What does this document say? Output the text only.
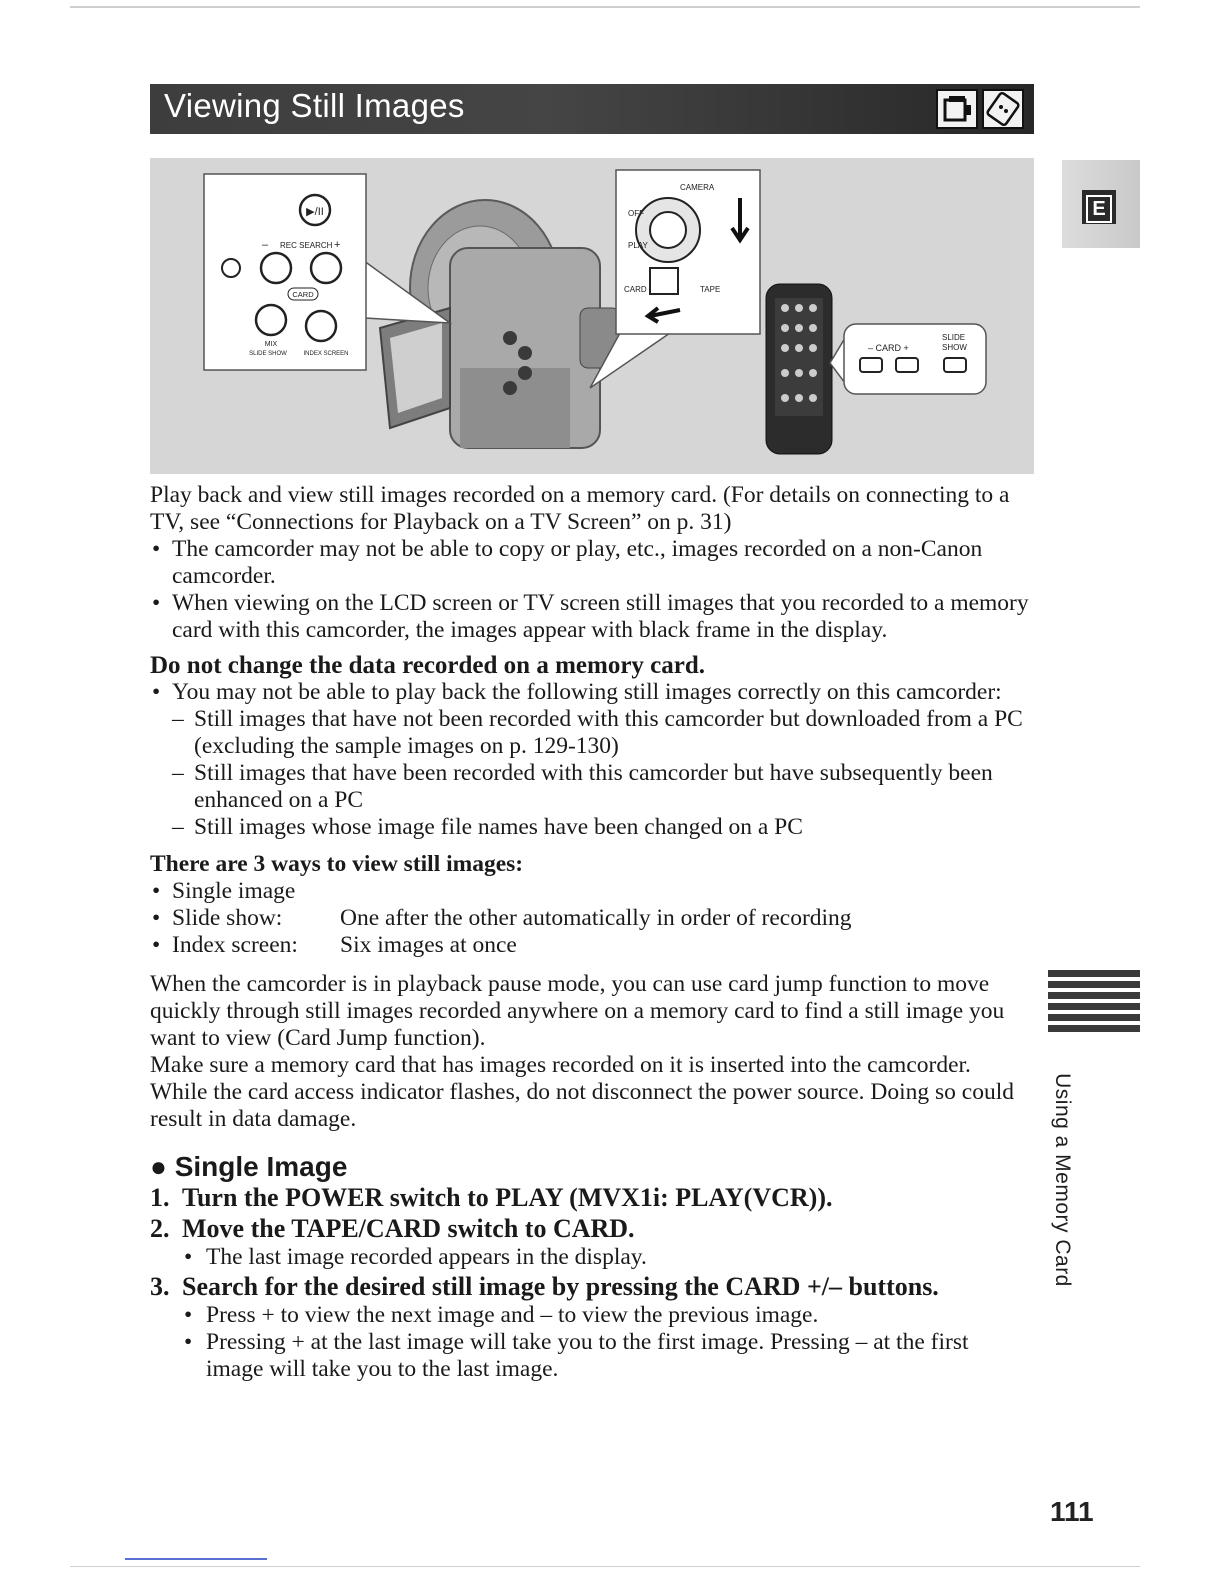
Viewing Still Images
▶/II
– REC SEARCH +
CARD
MIX
SLIDE SHOW	INDEX SCREEN
CAMERA
OFF
PLAY
CARD	TAPE
– CARD +
SLIDE
SHOW
E
Using a Memory Card

Play back and view still images recorded on a memory card. (For details on connecting to a TV, see “Connections for Playback on a TV Screen” on p. 31)

• The camcorder may not be able to copy or play, etc., images recorded on a non-Canon camcorder.

• When viewing on the LCD screen or TV screen still images that you recorded to a memory card with this camcorder, the images appear with black frame in the display.

Do not change the data recorded on a memory card.

• You may not be able to play back the following still images correctly on this camcorder:

– Still images that have not been recorded with this camcorder but downloaded from a PC (excluding the sample images on p. 129-130)

– Still images that have been recorded with this camcorder but have subsequently been enhanced on a PC

– Still images whose image file names have been changed on a PC

There are 3 ways to view still images:

• Single image
• Slide show:	One after the other automatically in order of recording
• Index screen:	Six images at once

When the camcorder is in playback pause mode, you can use card jump function to move quickly through still images recorded anywhere on a memory card to find a still image you want to view (Card Jump function).

Make sure a memory card that has images recorded on it is inserted into the camcorder.

While the card access indicator flashes, do not disconnect the power source. Doing so could result in data damage.

● Single Image

1. Turn the POWER switch to PLAY (MVX1i: PLAY(VCR)).

2. Move the TAPE/CARD switch to CARD.

• The last image recorded appears in the display.

3. Search for the desired still image by pressing the CARD +/– buttons.

• Press + to view the next image and – to view the previous image.

• Pressing + at the last image will take you to the first image. Pressing – at the first image will take you to the last image.

111
